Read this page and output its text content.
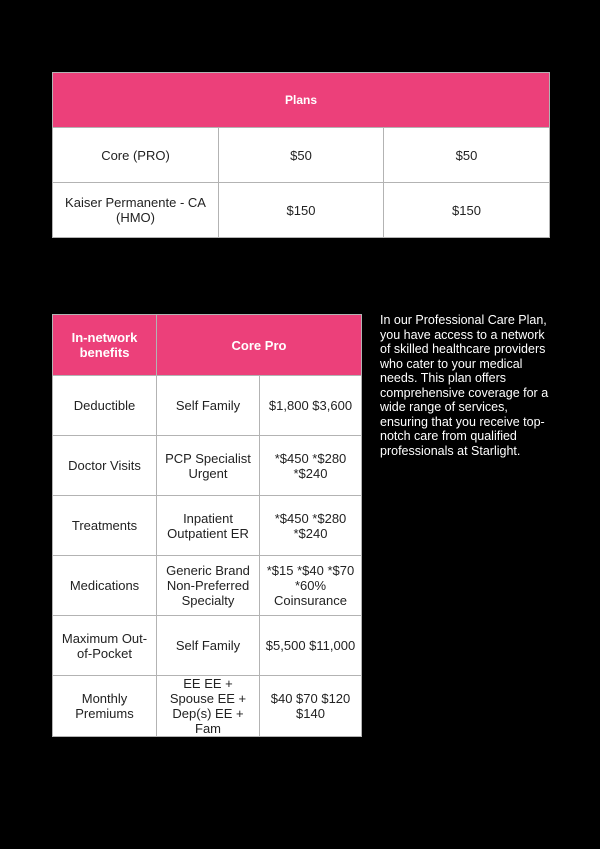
Plans		
Core (PRO)	$50	$50
Kaiser Permanente - CA (HMO)	$150	$150
In-network benefits	Core Pro	
Deductible	Self Family	$1,800 $3,600
Doctor Visits	PCP Specialist Urgent	*$450 *$280 *$240
Treatments	Inpatient Outpatient ER	*$450 *$280 *$240
Medications	Generic Brand Non-Preferred Specialty	*$15 *$40 *$70 *60% Coinsurance
Maximum Out-of-Pocket	Self Family	$5,500 $11,000
Monthly Premiums	EE EE + Spouse EE + Dep(s) EE + Fam	$40 $70 $120 $140

In our Professional Care Plan, you have access to a network of skilled healthcare providers who cater to your medical needs. This plan offers comprehensive coverage for a wide range of services, ensuring that you receive top-notch care from qualified professionals at Starlight.
